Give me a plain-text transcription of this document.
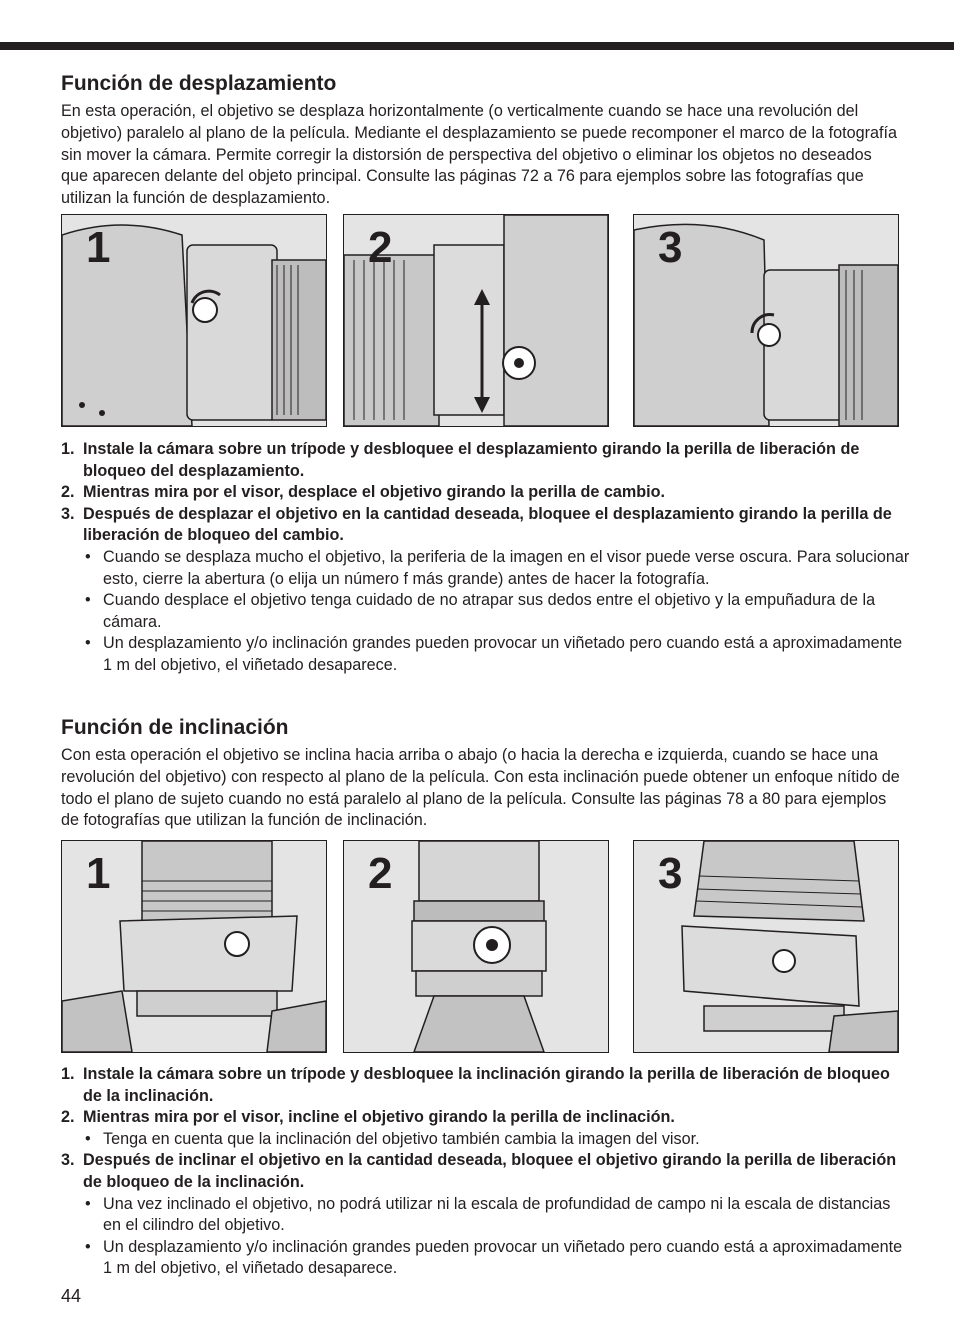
Función de desplazamiento

En esta operación, el objetivo se desplaza horizontalmente (o verticalmente cuando se hace una revolución del objetivo) paralelo al plano de la película. Mediante el desplazamiento se puede recomponer el marco de la fotografía sin mover la cámara. Permite corregir la distorsión de perspectiva del objetivo o eliminar los objetos no deseados que aparecen delante del objeto principal. Consulte las páginas 72 a 76 para ejemplos sobre las fotografías que utilizan la función de desplazamiento.

1	2	3
1. Instale la cámara sobre un trípode y desbloquee el desplazamiento girando la perilla de liberación de bloqueo del desplazamiento.
2. Mientras mira por el visor, desplace el objetivo girando la perilla de cambio.
3. Después de desplazar el objetivo en la cantidad deseada, bloquee el desplazamiento girando la perilla de liberación de bloqueo del cambio.
• Cuando se desplaza mucho el objetivo, la periferia de la imagen en el visor puede verse oscura. Para solucionar esto, cierre la abertura (o elija un número f más grande) antes de hacer la fotografía.
• Cuando desplace el objetivo tenga cuidado de no atrapar sus dedos entre el objetivo y la empuñadura de la cámara.
• Un desplazamiento y/o inclinación grandes pueden provocar un viñetado pero cuando está a aproximadamente 1 m del objetivo, el viñetado desaparece.
Función de inclinación

Con esta operación el objetivo se inclina hacia arriba o abajo (o hacia la derecha e izquierda, cuando se hace una revolución del objetivo) con respecto al plano de la película. Con esta inclinación puede obtener un enfoque nítido de todo el plano de sujeto cuando no está paralelo al plano de la película. Consulte las páginas 78 a 80 para ejemplos de fotografías que utilizan la función de inclinación.

1	2	3
1. Instale la cámara sobre un trípode y desbloquee la inclinación girando la perilla de liberación de bloqueo de la inclinación.
2. Mientras mira por el visor, incline el objetivo girando la perilla de inclinación.
• Tenga en cuenta que la inclinación del objetivo también cambia la imagen del visor.
3. Después de inclinar el objetivo en la cantidad deseada, bloquee el objetivo girando la perilla de liberación de bloqueo de la inclinación.
• Una vez inclinado el objetivo, no podrá utilizar ni la escala de profundidad de campo ni la escala de distancias en el cilindro del objetivo.
• Un desplazamiento y/o inclinación grandes pueden provocar un viñetado pero cuando está a aproximadamente 1 m del objetivo, el viñetado desaparece.
44
